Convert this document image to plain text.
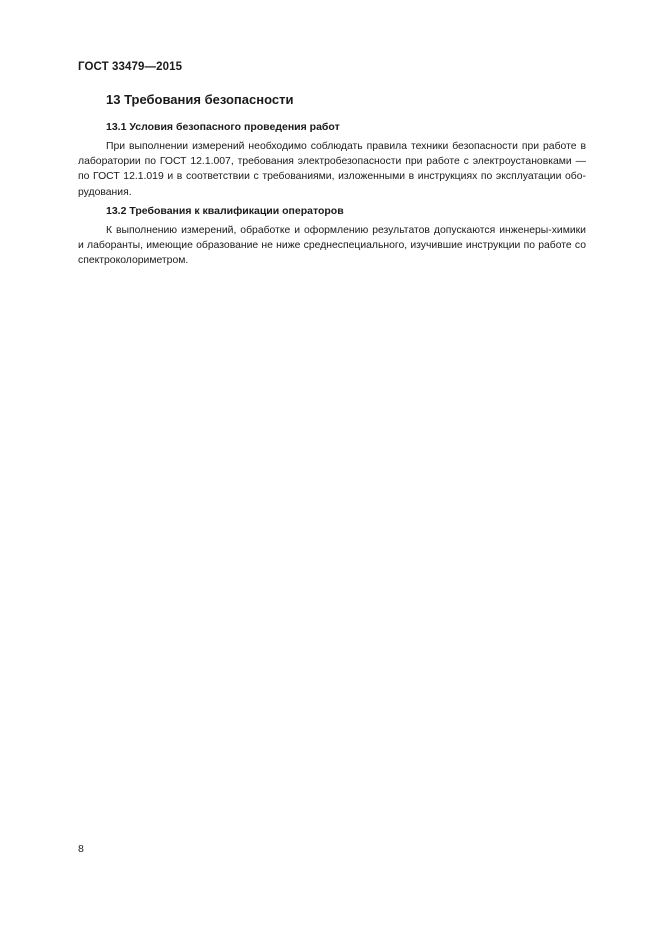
ГОСТ 33479—2015
13 Требования безопасности
13.1 Условия безопасного проведения работ
При выполнении измерений необходимо соблюдать правила техники безопасности при работе в лаборатории по ГОСТ 12.1.007, требования электробезопасности при работе с электроустановками — по ГОСТ 12.1.019 и в соответствии с требованиями, изложенными в инструкциях по эксплуатации оборудования.
13.2 Требования к квалификации операторов
К выполнению измерений, обработке и оформлению результатов допускаются инженеры-химики и лаборанты, имеющие образование не ниже среднеспециального, изучившие инструкции по работе со спектроколориметром.
8
